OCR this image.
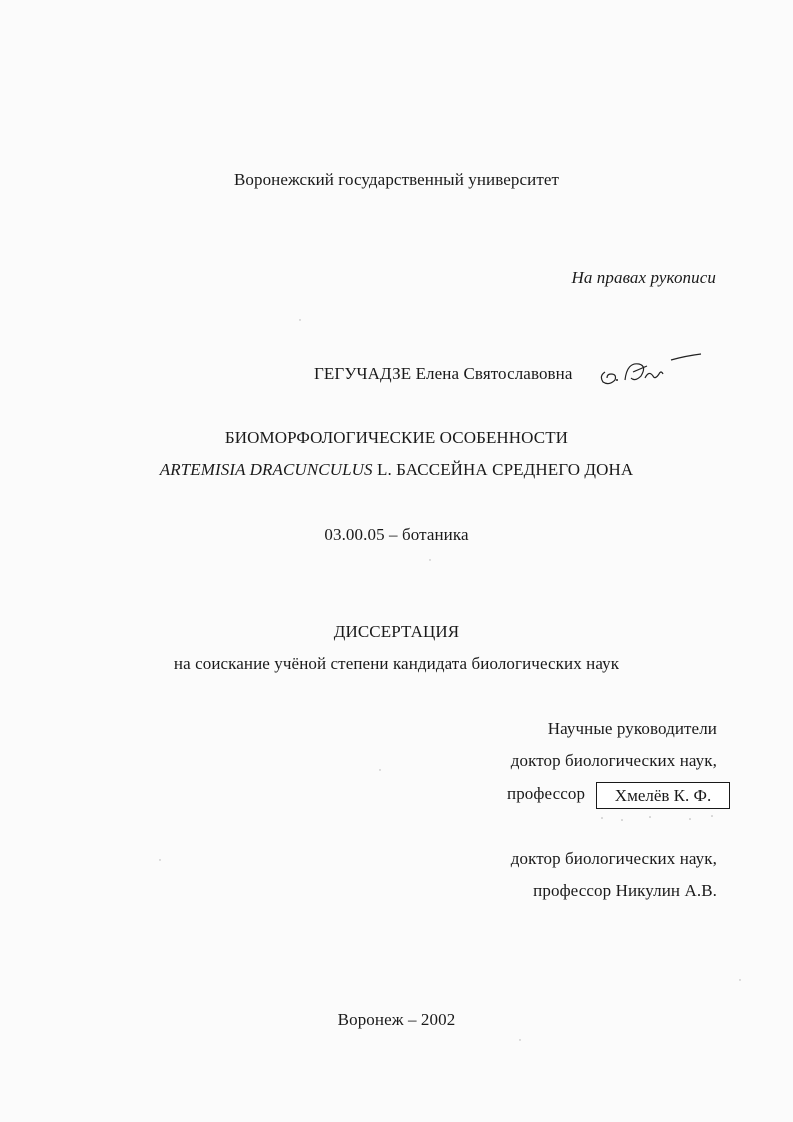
Воронежский государственный университет
На правах рукописи
ГЕГУЧАДЗЕ Елена Святославовна
БИОМОРФОЛОГИЧЕСКИЕ ОСОБЕННОСТИ
ARTEMISIA DRACUNCULUS L. БАССЕЙНА СРЕДНЕГО ДОНА
03.00.05 – ботаника
ДИССЕРТАЦИЯ
на соискание учёной степени кандидата биологических наук
Научные руководители
доктор биологических наук,
профессор	Хмелёв К. Ф.
доктор биологических наук,
профессор Никулин А.В.
Воронеж – 2002
